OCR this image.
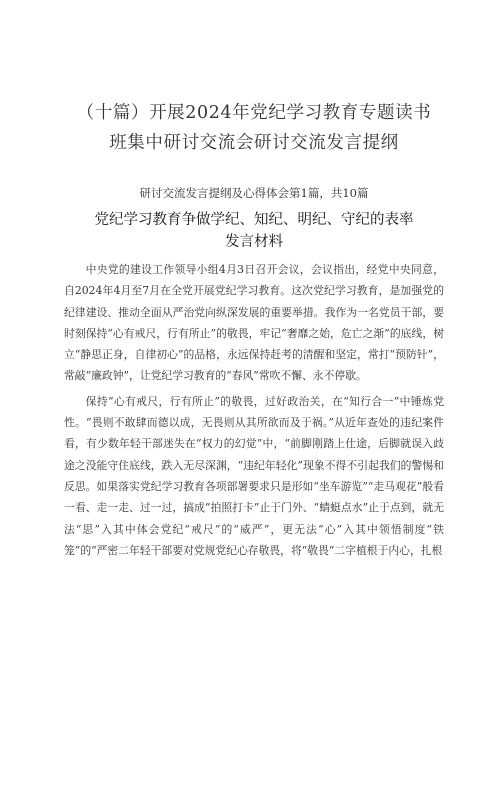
（十篇）开展2024年党纪学习教育专题读书
班集中研讨交流会研讨交流发言提纲
研讨交流发言提纲及心得体会第1篇，共10篇
党纪学习教育争做学纪、知纪、明纪、守纪的表率
发言材料

中央党的建设工作领导小组4月3日召开会议，会议指出，经党中央同意，自2024年4月至7月在全党开展党纪学习教育。这次党纪学习教育，是加强党的纪律建设、推动全面从严治党向纵深发展的重要举措。我作为一名党员干部，要时刻保持“心有戒尺，行有所止”的敬畏，牢记“奢靡之始，危亡之渐”的底线，树立“静思正身，自律初心”的品格，永远保持赶考的清醒和坚定，常打“预防针”，常敲“廉政钟”，让党纪学习教育的“春风”常吹不懈、永不停歇。

保持“心有戒尺，行有所止”的敬畏，过好政治关，在“知行合一”中锤炼党性。“畏则不敢肆而德以成，无畏则从其所欲而及于祸。”从近年查处的违纪案件看，有少数年轻干部迷失在“权力的幻觉”中，“前脚刚踏上仕途，后脚就误入歧途之没能守住底线，跌入无尽深渊，“违纪年轻化”现象不得不引起我们的警惕和反思。如果落实党纪学习教育各项部署要求只是形如“坐车游览”“走马观花”般看一看、走一走、过一过，搞成“拍照打卡”止于门外、“蜻蜓点水”止于点到，就无法“思”入其中体会党纪“戒尺”的“威严”，更无法“心”入其中领悟制度“铁笼”的“严密二年轻干部要对党规党纪心存敬畏，将“敬畏”二字植根于内心，扎根
